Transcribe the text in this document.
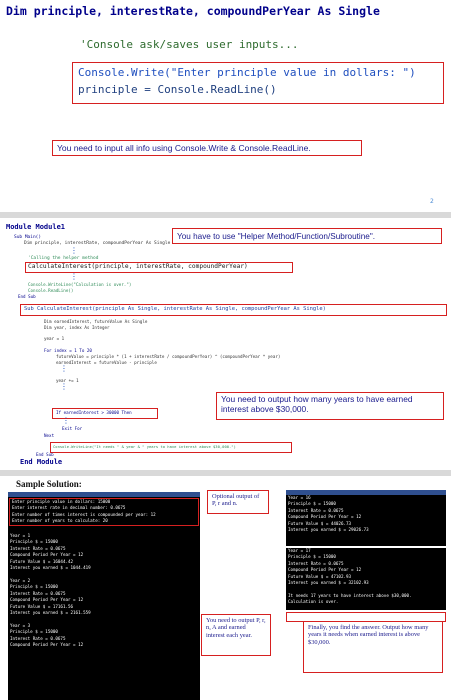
Dim principle, interestRate, compoundPerYear As Single
'Console ask/saves user inputs...
Console.Write("Enter principle value in dollars: ")
principle = Console.ReadLine()
You need to input all info using Console.Write & Console.ReadLine.
2
Module Module1
Sub Main()
Dim principle, interestRate, compoundPerYear As Single
⋮
'Calling the helper method
CalculateInterest(principle, interestRate, compoundPerYear)
⋮
Console.WriteLine("Calculation is over.")
Console.ReadLine()
End Sub
You have to use "Helper Method/Function/Subroutine".
Sub CalculateInterest(principle As Single, interestRate As Single, compoundPerYear As Single)
Dim earnedInterest, futureValue As Single
Dim year, index As Integer
year = 1
For index = 1 To 20
futureValue = principle * (1 + interestRate / compoundPerYear) ^ (compoundPerYear * year)
earnedInterest = futureValue - principle
⋮
year += 1
⋮
If earnedInterest > 30000 Then
⋮
Exit For
Next
Console.WriteLine("It needs " & year & " years to have interest above $30,000.")
End Sub
End Module
You need to output how many years to have earned interest above $30,000.
Sample Solution:
Enter principle value in dollars: 15000
Enter interest rate in decimal number: 0.0675
Enter number of times interest is compounded per year: 12
Enter number of years to calculate: 20

Year = 1
Principle $ = 15000
Interest Rate = 0.0675
Compound Period Per Year = 12
Future Value $ = 16044.42
Interest you earned $ = 1044.419

Year = 2
Principle $ = 15000
Interest Rate = 0.0675
Compound Period Per Year = 12
Future Value $ = 17161.56
Interest you earned $ = 2161.559

Year = 3
Principle $ = 15000
Interest Rate = 0.0675
Compound Period Per Year = 12
Optional output of P, r and n.
You need to output P, r, n, A and earned interest each year.
Year = 16
Principle $ = 15000
Interest Rate = 0.0675
Compound Period Per Year = 12
Future Value $ = 44026.73
Interest you earned $ = 29026.73
Year = 17
Principle $ = 15000
Interest Rate = 0.0675
Compound Period Per Year = 12
Future Value $ = 47102.93
Interest you earned $ = 32102.93

It needs 17 years to have interest above $30,000.
Calculation is over.
Finally, you find the answer. Output how many years it needs when earned interest is above $30,000.
